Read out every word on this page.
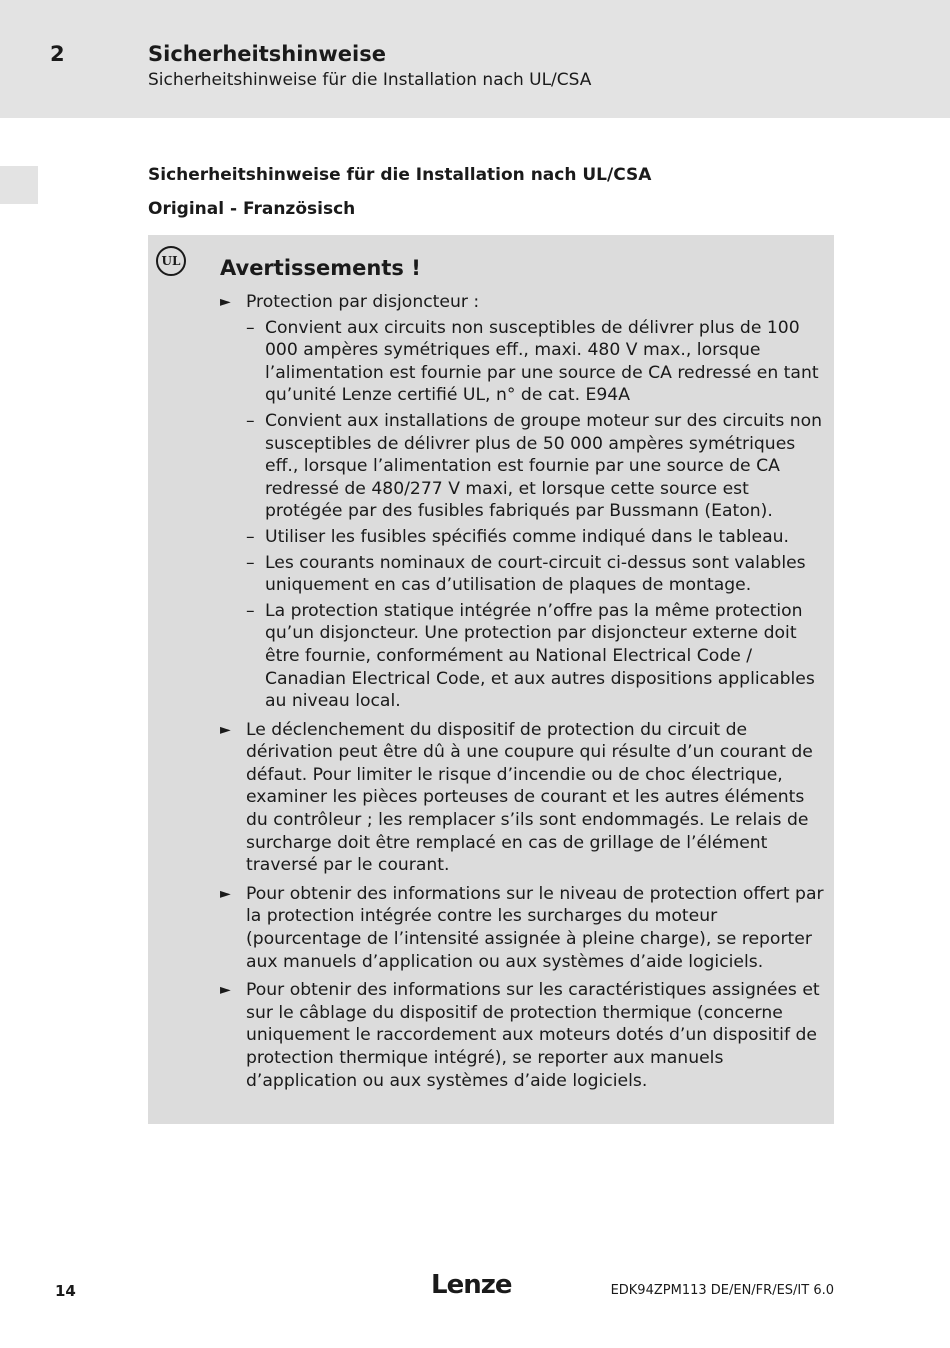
2	Sicherheitshinweise
Sicherheitshinweise für die Installation nach UL/CSA
Sicherheitshinweise für die Installation nach UL/CSA
Original - Französisch
UL Avertissements !
► Protection par disjoncteur :
– Convient aux circuits non susceptibles de délivrer plus de 100 000 ampères symétriques eff., maxi. 480 V max., lorsque l’alimentation est fournie par une source de CA redressé en tant qu’unité Lenze certifié UL, n° de cat. E94A
– Convient aux installations de groupe moteur sur des circuits non susceptibles de délivrer plus de 50 000 ampères symétriques eff., lorsque l’alimentation est fournie par une source de CA redressé de 480/277 V maxi, et lorsque cette source est protégée par des fusibles fabriqués par Bussmann (Eaton).
– Utiliser les fusibles spécifiés comme indiqué dans le tableau.
– Les courants nominaux de court-circuit ci-dessus sont valables uniquement en cas d’utilisation de plaques de montage.
– La protection statique intégrée n’offre pas la même protection qu’un disjoncteur. Une protection par disjoncteur externe doit être fournie, conformément au National Electrical Code / Canadian Electrical Code, et aux autres dispositions applicables au niveau local.
► Le déclenchement du dispositif de protection du circuit de dérivation peut être dû à une coupure qui résulte d’un courant de défaut. Pour limiter le risque d’incendie ou de choc électrique, examiner les pièces porteuses de courant et les autres éléments du contrôleur ; les remplacer s’ils sont endommagés. Le relais de surcharge doit être remplacé en cas de grillage de l’élément traversé par le courant.
► Pour obtenir des informations sur le niveau de protection offert par la protection intégrée contre les surcharges du moteur (pourcentage de l’intensité assignée à pleine charge), se reporter aux manuels d’application ou aux systèmes d’aide logiciels.
► Pour obtenir des informations sur les caractéristiques assignées et sur le câblage du dispositif de protection thermique (concerne uniquement le raccordement aux moteurs dotés d’un dispositif de protection thermique intégré), se reporter aux manuels d’application ou aux systèmes d’aide logiciels.
14	Lenze	EDK94ZPM113 DE/EN/FR/ES/IT 6.0
